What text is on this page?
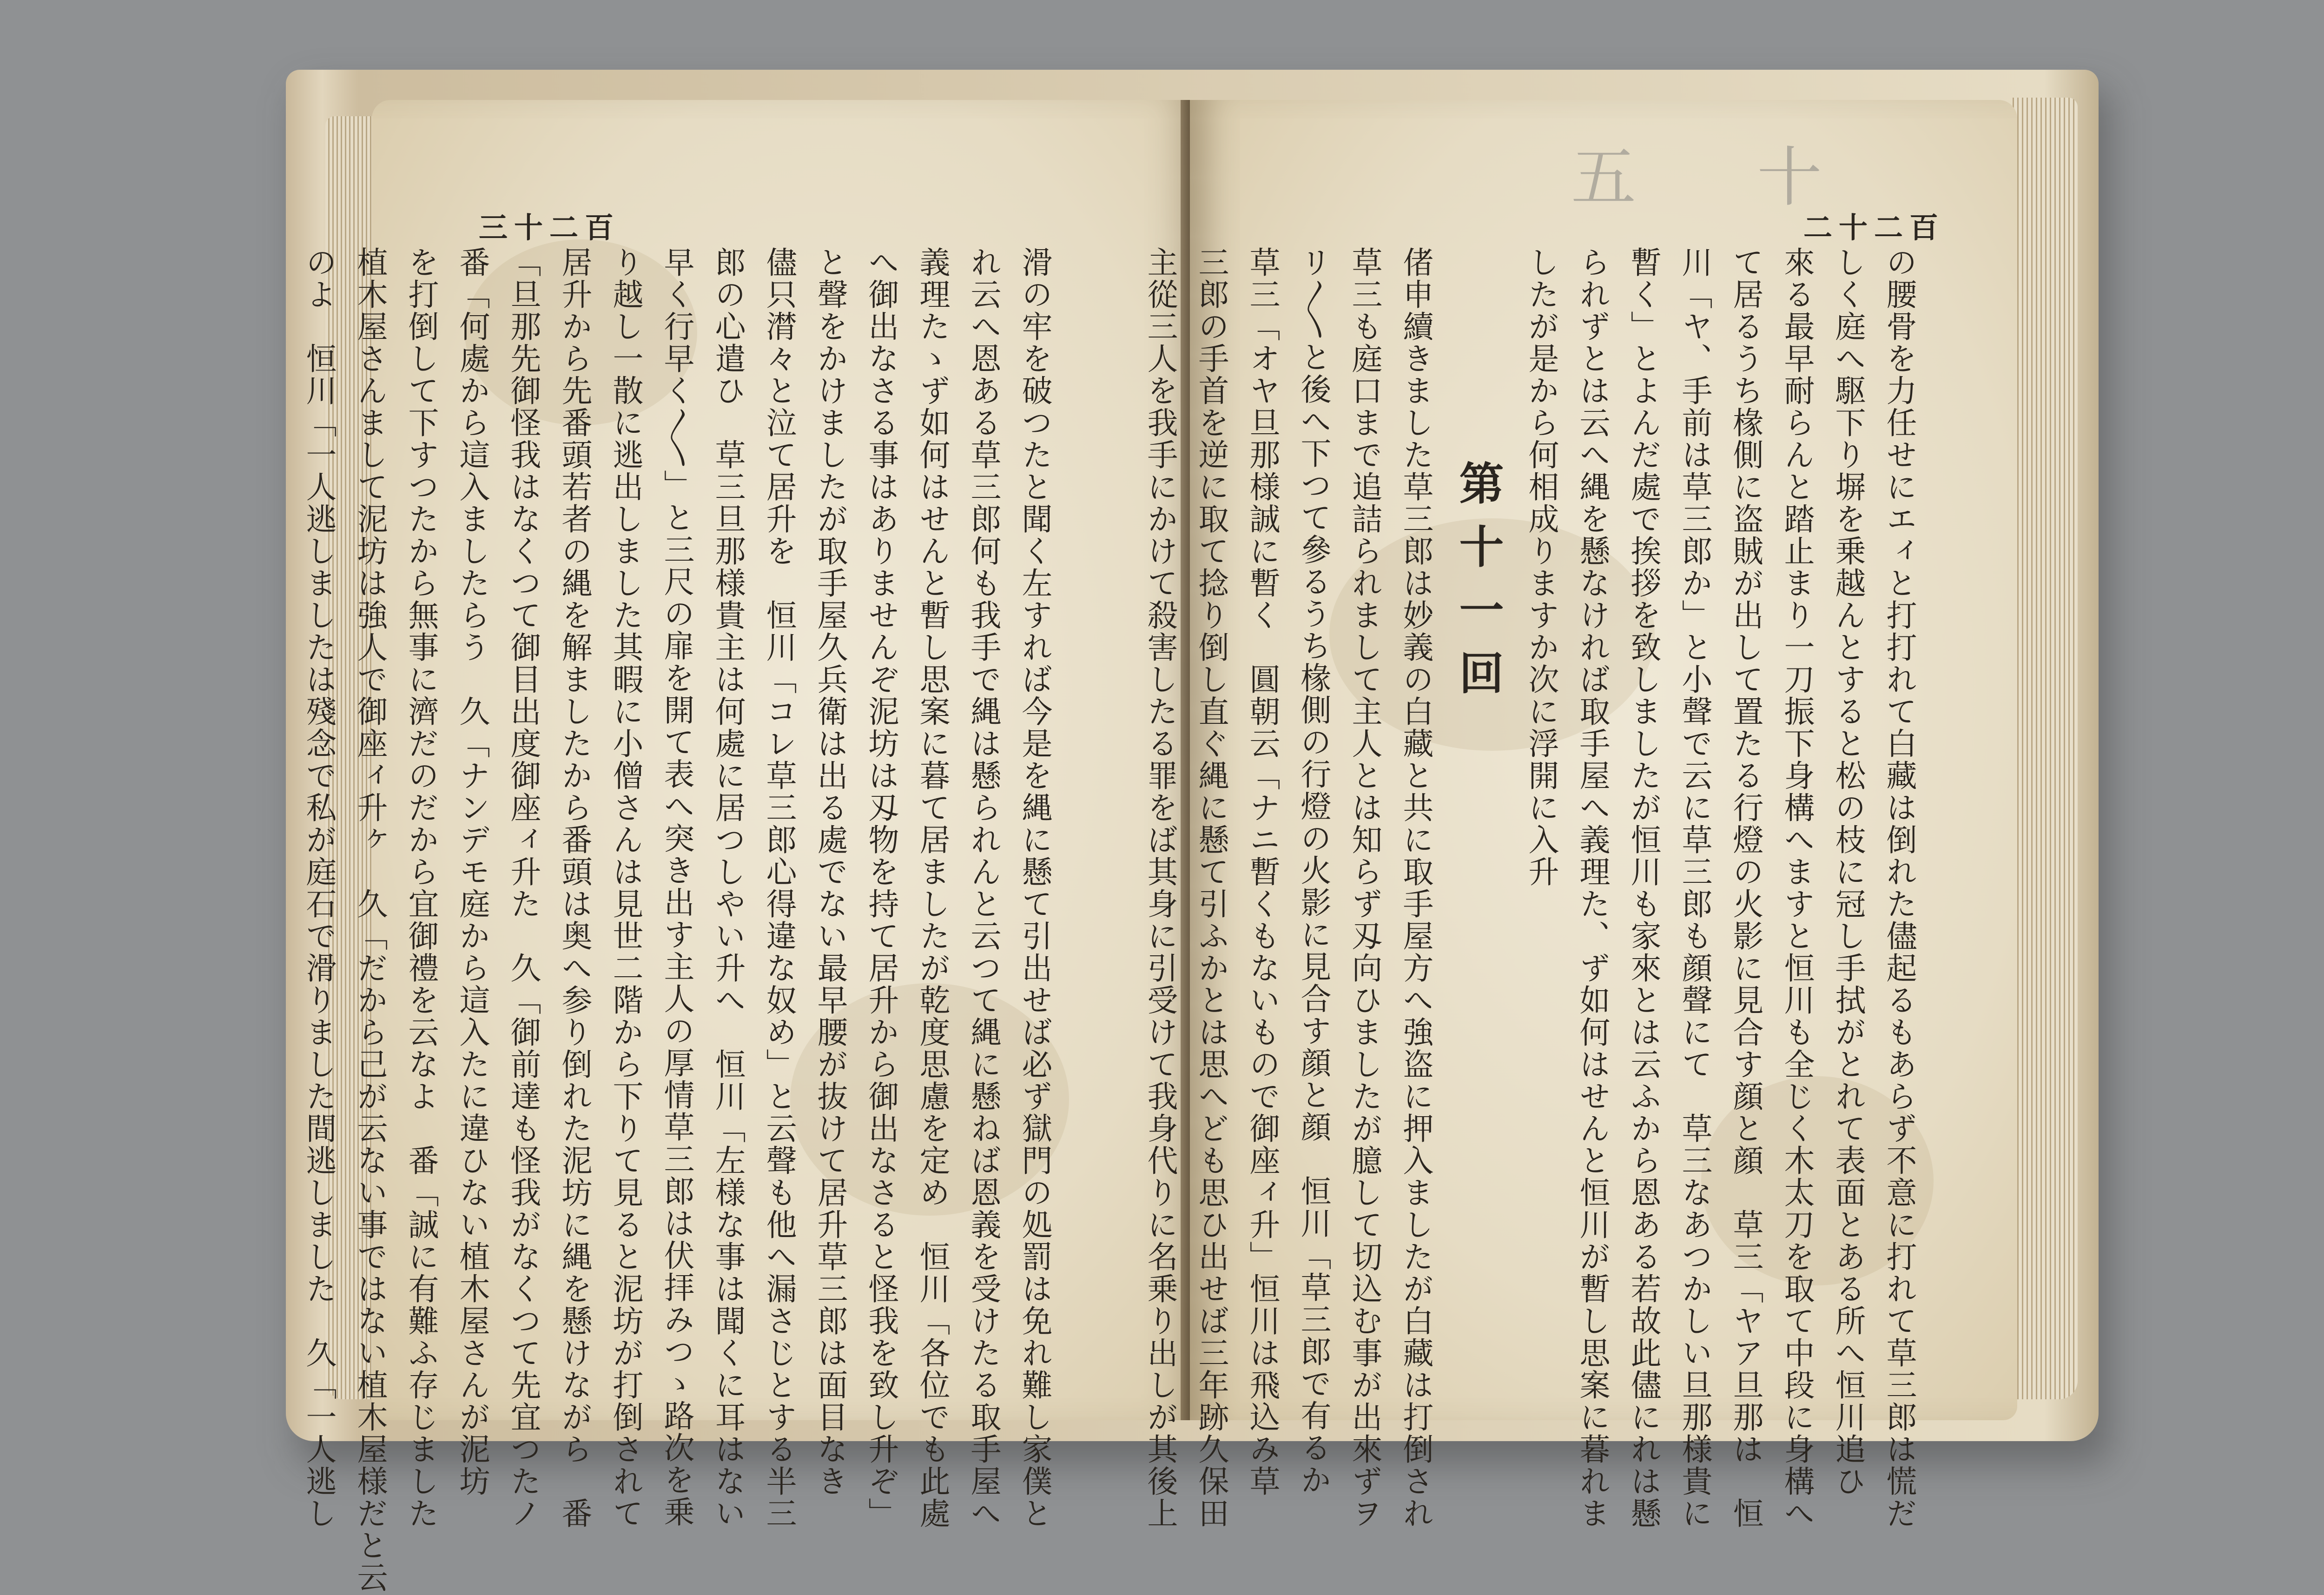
三十二百
滑の牢を破つたと聞く左すれば今是を縄に懸て引出せば必ず獄門の処罰は免れ難し家僕と
れ云へ恩ある草三郎何も我手で縄は懸られんと云つて縄に懸ねば恩義を受けたる取手屋へ
義理たゝず如何はせんと暫し思案に暮て居ましたが乾度思慮を定め　恒川「各位でも此處
へ御出なさる事はありませんぞ泥坊は刄物を持て居升から御出なさると怪我を致し升ぞ」
と聲をかけましたが取手屋久兵衛は出る處でない最早腰が抜けて居升草三郎は面目なき
儘只潸々と泣て居升を　恒川「コレ草三郎心得違な奴め」と云聲も他へ漏さじとする半三
郎の心遣ひ　草三旦那様貴主は何處に居つしやい升へ　恒川「左様な事は聞くに耳はない
早く行早く〳〵」と三尺の扉を開て表へ突き出す主人の厚情草三郎は伏拝みつゝ路次を乗
り越し一散に逃出しました其暇に小僧さんは見世二階から下りて見ると泥坊が打倒されて
居升から先番頭若者の縄を解ましたから番頭は奥へ参り倒れた泥坊に縄を懸けながら　番
「旦那先御怪我はなくつて御目出度御座ィ升た　久「御前達も怪我がなくつて先宜つたノ
番「何處から這入ましたらう　久「ナンデモ庭から這入たに違ひない植木屋さんが泥坊
を打倒して下すつたから無事に濟だのだから宜御禮を云なよ　番「誠に有難ふ存じました
植木屋さんまして泥坊は強人で御座ィ升ヶ　久「だから己が云ない事ではない植木屋様だと云
のよ　恒川「一人逃しましたは殘念で私が庭石で滑りました間逃しました　久「一人逃し
五　十
二十二百
の腰骨を力任せにエィと打打れて白藏は倒れた儘起るもあらず不意に打れて草三郎は慌だ
しく庭へ駆下り塀を乗越んとすると松の枝に冠し手拭がとれて表面とある所へ恒川追ひ
來る最早耐らんと踏止まり一刀振下身構へますと恒川も全じく木太刀を取て中段に身構へ
て居るうち椽側に盗賊が出して置たる行燈の火影に見合す顔と顔　草三「ヤア旦那は　恒
川「ヤ、手前は草三郎か」と小聲で云に草三郎も顔聲にて　草三なあつかしい旦那様貴に
暫く」とよんだ處で挨拶を致しましたが恒川も家來とは云ふから恩ある若故此儘にれは懸
られずとは云へ縄を懸なければ取手屋へ義理た、ず如何はせんと恒川が暫し思案に暮れま
したが是から何相成りますか次に浮開に入升
第十一回
偖申續きました草三郎は妙義の白藏と共に取手屋方へ強盗に押入ましたが白藏は打倒され
草三も庭口まで追詰られまして主人とは知らず刄向ひましたが臆して切込む事が出來ずヲ
リ〳〵と後へ下つて參るうち椽側の行燈の火影に見合す顔と顔　恒川「草三郎で有るか
草三「オヤ旦那様誠に暫く　圓朝云「ナニ暫くもないもので御座ィ升」恒川は飛込み草
三郎の手首を逆に取て捻り倒し直ぐ縄に懸て引ふかとは思へども思ひ出せば三年跡久保田
主從三人を我手にかけて殺害したる罪をば其身に引受けて我身代りに名乗り出しが其後上
